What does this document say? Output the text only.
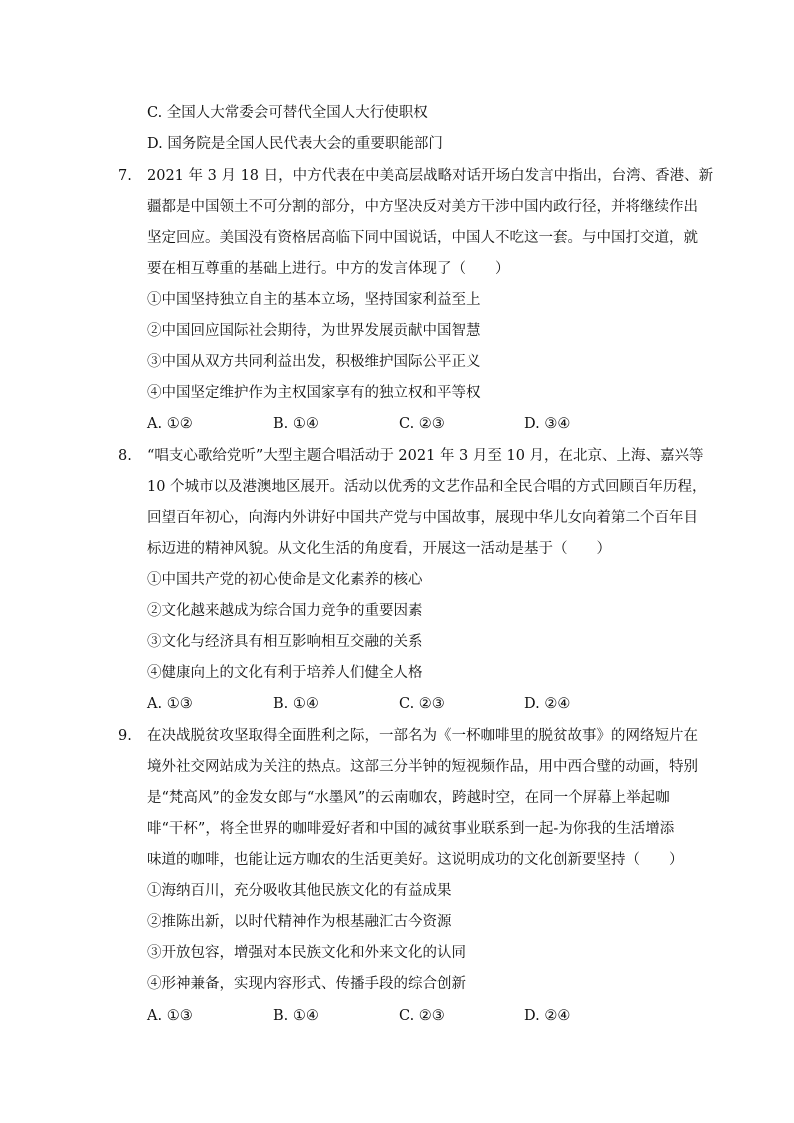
C. 全国人大常委会可替代全国人大行使职权
D. 国务院是全国人民代表大会的重要职能部门
7. 2021 年 3 月 18 日，中方代表在中美高层战略对话开场白发言中指出，台湾、香港、新
疆都是中国领土不可分割的部分，中方坚决反对美方干涉中国内政行径，并将继续作出
坚定回应。美国没有资格居高临下同中国说话，中国人不吃这一套。与中国打交道，就
要在相互尊重的基础上进行。中方的发言体现了（　　）
①中国坚持独立自主的基本立场，坚持国家利益至上
②中国回应国际社会期待，为世界发展贡献中国智慧
③中国从双方共同利益出发，积极维护国际公平正义
④中国坚定维护作为主权国家享有的独立权和平等权
A. ①②	B. ①④	C. ②③	D. ③④
8. “唱支心歌给党听”大型主题合唱活动于 2021 年 3 月至 10 月，在北京、上海、嘉兴等
10 个城市以及港澳地区展开。活动以优秀的文艺作品和全民合唱的方式回顾百年历程，
回望百年初心，向海内外讲好中国共产党与中国故事，展现中华儿女向着第二个百年目
标迈进的精神风貌。从文化生活的角度看，开展这一活动是基于（　　）
①中国共产党的初心使命是文化素养的核心
②文化越来越成为综合国力竞争的重要因素
③文化与经济具有相互影响相互交融的关系
④健康向上的文化有利于培养人们健全人格
A. ①③	B. ①④	C. ②③	D. ②④
9. 在决战脱贫攻坚取得全面胜利之际，一部名为《一杯咖啡里的脱贫故事》的网络短片在
境外社交网站成为关注的热点。这部三分半钟的短视频作品，用中西合璧的动画，特别
是“梵高风”的金发女郎与“水墨风”的云南咖农，跨越时空，在同一个屏幕上举起咖
啡“干杯”，将全世界的咖啡爱好者和中国的减贫事业联系到一起-为你我的生活增添
味道的咖啡，也能让远方咖农的生活更美好。这说明成功的文化创新要坚持（　　）
①海纳百川，充分吸收其他民族文化的有益成果
②推陈出新，以时代精神作为根基融汇古今资源
③开放包容，增强对本民族文化和外来文化的认同
④形神兼备，实现内容形式、传播手段的综合创新
A. ①③	B. ①④	C. ②③	D. ②④
